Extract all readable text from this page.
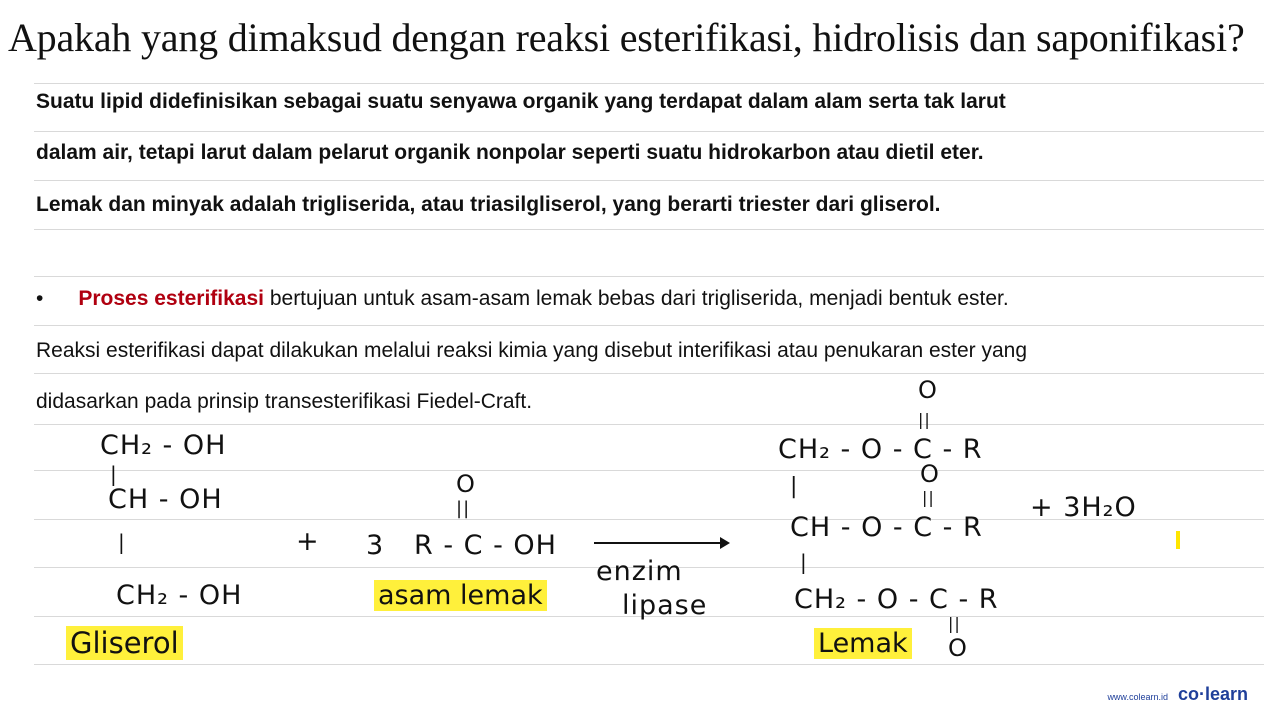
Apakah yang dimaksud dengan reaksi esterifikasi, hidrolisis dan saponifikasi?
Suatu lipid didefinisikan sebagai suatu senyawa organik yang terdapat dalam alam serta tak larut
dalam air, tetapi larut dalam pelarut organik nonpolar seperti suatu hidrokarbon atau dietil eter.
Lemak dan minyak adalah trigliserida, atau triasilgliserol, yang berarti triester dari gliserol.
• Proses esterifikasi bertujuan untuk asam-asam lemak bebas dari trigliserida, menjadi bentuk ester.
Reaksi esterifikasi dapat dilakukan melalui reaksi kimia yang disebut interifikasi atau penukaran ester yang
didasarkan pada prinsip transesterifikasi Fiedel-Craft.
CH₂ - OH
|
CH - OH
|
CH₂ - OH
Gliserol
+ 3
O
||
R - C - OH
asam lemak
enzim
lipase
O
||
CH₂ - O - C - R
O
|	||
CH - O - C - R
|
CH₂ - O - C - R
||
O
Lemak
+ 3H₂O
www.colearn.id co·learn
